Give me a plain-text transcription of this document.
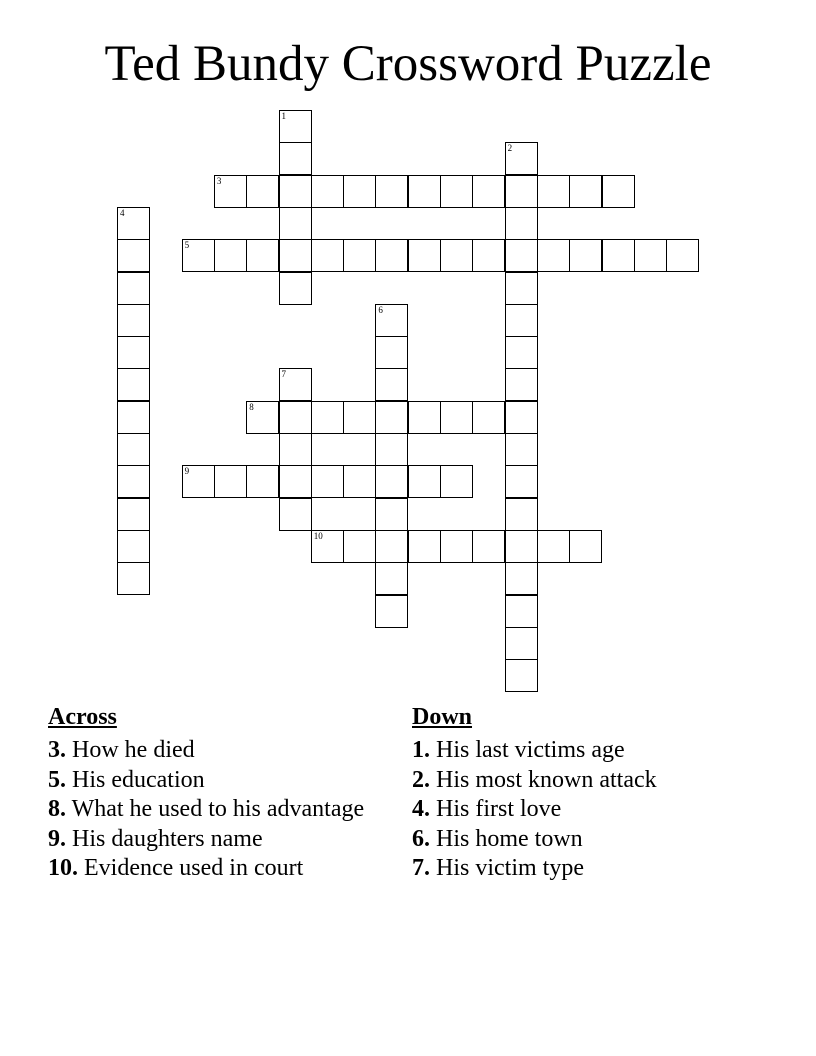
Ted Bundy Crossword Puzzle
1
2
3
4
5
6
7
8
9
10
Across
3. How he died
5. His education
8. What he used to his advantage
9. His daughters name
10. Evidence used in court
Down
1. His last victims age
2. His most known attack
4. His first love
6. His home town
7. His victim type
